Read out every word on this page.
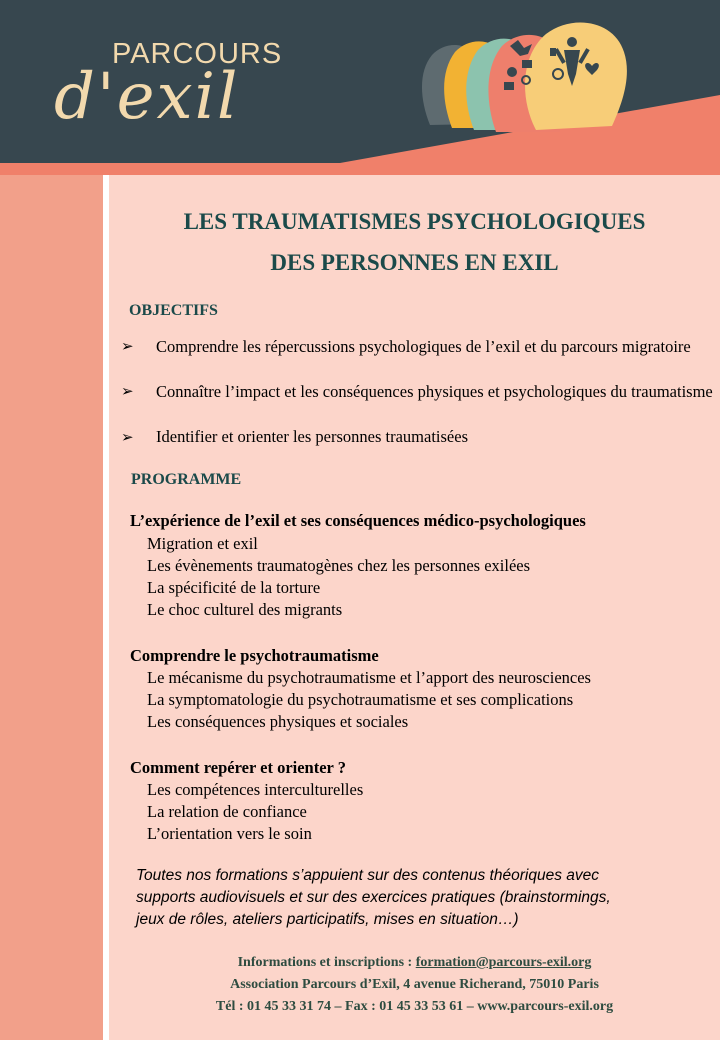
PARCOURS
d'exil
LES TRAUMATISMES PSYCHOLOGIQUES
DES PERSONNES EN EXIL
OBJECTIFS
➢ Comprendre les répercussions psychologiques de l’exil et du parcours migratoire
➢ Connaître l’impact et les conséquences physiques et psychologiques du traumatisme
➢ Identifier et orienter les personnes traumatisées
PROGRAMME
L’expérience de l’exil et ses conséquences médico-psychologiques
Migration et exil
Les évènements traumatogènes chez les personnes exilées
La spécificité de la torture
Le choc culturel des migrants
Comprendre le psychotraumatisme
Le mécanisme du psychotraumatisme et l’apport des neurosciences
La symptomatologie du psychotraumatisme et ses complications
Les conséquences physiques et sociales
Comment repérer et orienter ?
Les compétences interculturelles
La relation de confiance
L’orientation vers le soin
Toutes nos formations s’appuient sur des contenus théoriques avec
supports audiovisuels et sur des exercices pratiques (brainstormings,
jeux de rôles, ateliers participatifs, mises en situation…)
Informations et inscriptions : formation@parcours-exil.org
Association Parcours d’Exil, 4 avenue Richerand, 75010 Paris
Tél : 01 45 33 31 74 – Fax : 01 45 33 53 61 – www.parcours-exil.org
